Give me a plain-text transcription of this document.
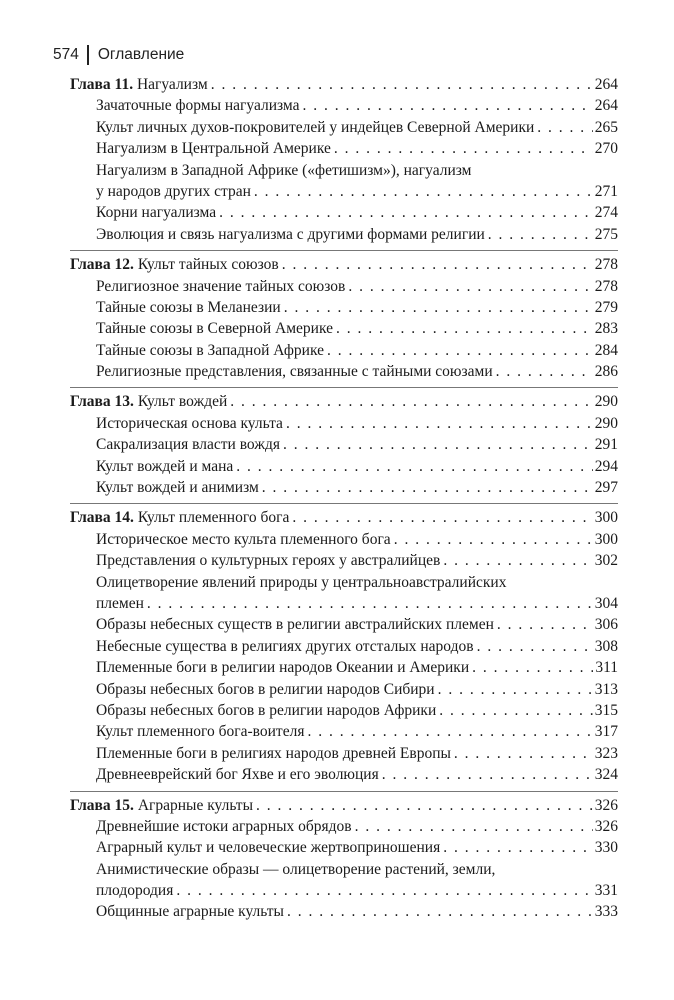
574 Оглавление
Глава 11. Нагуализм . . .	264
Зачаточные формы нагуализма . . .	264
Культ личных духов-покровителей у индейцев Северной Америки . . .	265
Нагуализм в Центральной Америке . . .	270
Нагуализм в Западной Африке («фетишизм»), нагуализм
у народов других стран . . .	271
Корни нагуализма . . .	274
Эволюция и связь нагуализма с другими формами религии . . .	275
Глава 12. Культ тайных союзов . . .	278
Религиозное значение тайных союзов . . .	278
Тайные союзы в Меланезии . . .	279
Тайные союзы в Северной Америке . . .	283
Тайные союзы в Западной Африке . . .	284
Религиозные представления, связанные с тайными союзами . . .	286
Глава 13. Культ вождей . . .	290
Историческая основа культа . . .	290
Сакрализация власти вождя . . .	291
Культ вождей и мана . . .	294
Культ вождей и анимизм . . .	297
Глава 14. Культ племенного бога . . .	300
Историческое место культа племенного бога . . .	300
Представления о культурных героях у австралийцев . . .	302
Олицетворение явлений природы у центральноавстралийских
племен . . .	304
Образы небесных существ в религии австралийских племен . . .	306
Небесные существа в религиях других отсталых народов . . .	308
Племенные боги в религии народов Океании и Америки . . .	311
Образы небесных богов в религии народов Сибири . . .	313
Образы небесных богов в религии народов Африки . . .	315
Культ племенного бога-воителя . . .	317
Племенные боги в религиях народов древней Европы . . .	323
Древнееврейский бог Яхве и его эволюция . . .	324
Глава 15. Аграрные культы . . .	326
Древнейшие истоки аграрных обрядов . . .	326
Аграрный культ и человеческие жертвоприношения . . .	330
Анимистические образы — олицетворение растений, земли,
плодородия . . .	331
Общинные аграрные культы . . .	333
